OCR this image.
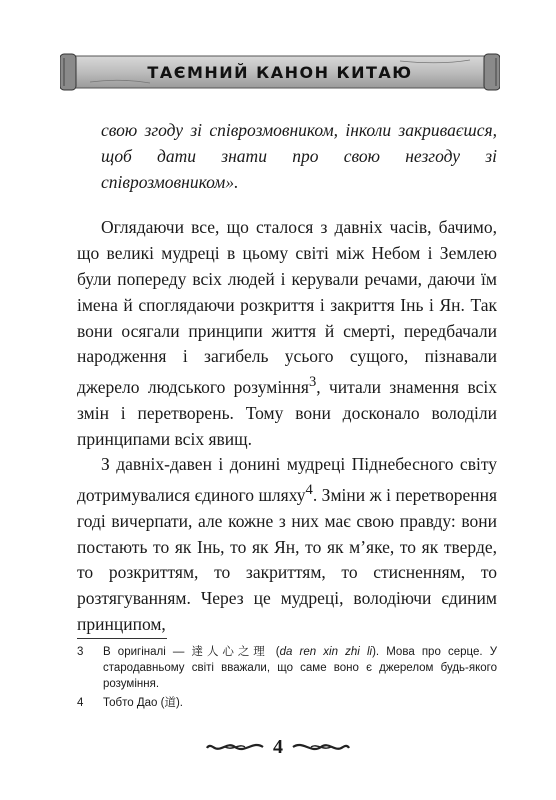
ТАЄМНИЙ КАНОН КИТАЮ

свою згоду зі співрозмовником, інколи закриваєшся, щоб дати знати про свою незгоду зі співрозмовником».

Оглядаючи все, що сталося з давніх часів, бачимо, що великі мудреці в цьому світі між Небом і Землею були попереду всіх людей і керували речами, даючи їм імена й споглядаючи розкриття і закриття Інь і Ян. Так вони осягали принципи життя й смерті, передбачали народження і загибель усього сущого, пізнавали джерело людського розуміння$^3$, читали знамення всіх змін і перетворень. Тому вони досконало володіли принципами всіх явищ.

З давніх-давен і донині мудреці Піднебесного світу дотримувалися єдиного шляху$^4$. Зміни ж і перетворення годі вичерпати, але кожне з них має свою правду: вони постають то як Інь, то як Ян, то як м’яке, то як тверде, то розкриттям, то закриттям, то стисненням, то розтягуванням. Через це мудреці, володіючи єдиним принципом,

3	В оригіналі — 達人心之理 (da ren xin zhi li). Мова про серце. У стародавньому світі вважали, що саме воно є джерелом будь-якого розуміння.
4	Тобто Дао (道).
4
